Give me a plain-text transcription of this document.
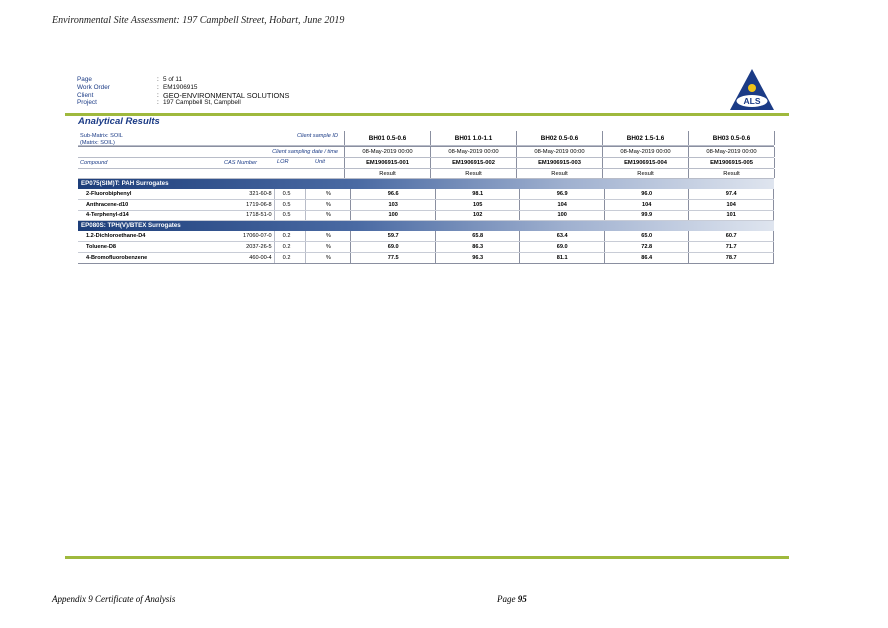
Environmental Site Assessment: 197 Campbell Street, Hobart, June 2019
Page	: 5 of 11
Work Order	: EM1906915
Client	: GEO-ENVIRONMENTAL SOLUTIONS
Project	: 197 Campbell St, Campbell	ALS
Analytical Results
Sub-Matrix: SOIL
(Matrix: SOIL)
Client sample ID	BH01 0.5-0.6	BH01 1.0-1.1	BH02 0.5-0.6	BH02 1.5-1.6	BH03 0.5-0.6
Client sampling date / time	08-May-2019 00:00	08-May-2019 00:00	08-May-2019 00:00	08-May-2019 00:00	08-May-2019 00:00
Compound	CAS Number	LOR	Unit	EM1906915-001	EM1906915-002	EM1906915-003	EM1906915-004	EM1906915-005
Result	Result	Result	Result	Result
EP075(SIM)T: PAH Surrogates
2-Fluorobiphenyl	321-60-8	0.5	%	96.6	98.1	96.9	96.0	97.4
Anthracene-d10	1719-06-8	0.5	%	103	105	104	104	104
4-Terphenyl-d14	1718-51-0	0.5	%	100	102	100	99.9	101
EP080S: TPH(V)/BTEX Surrogates
1.2-Dichloroethane-D4	17060-07-0	0.2	%	59.7	65.8	63.4	65.0	60.7
Toluene-D8	2037-26-5	0.2	%	69.0	86.3	69.0	72.8	71.7
4-Bromofluorobenzene	460-00-4	0.2	%	77.5	96.3	81.1	86.4	78.7
Appendix 9 Certificate of Analysis	Page 95
